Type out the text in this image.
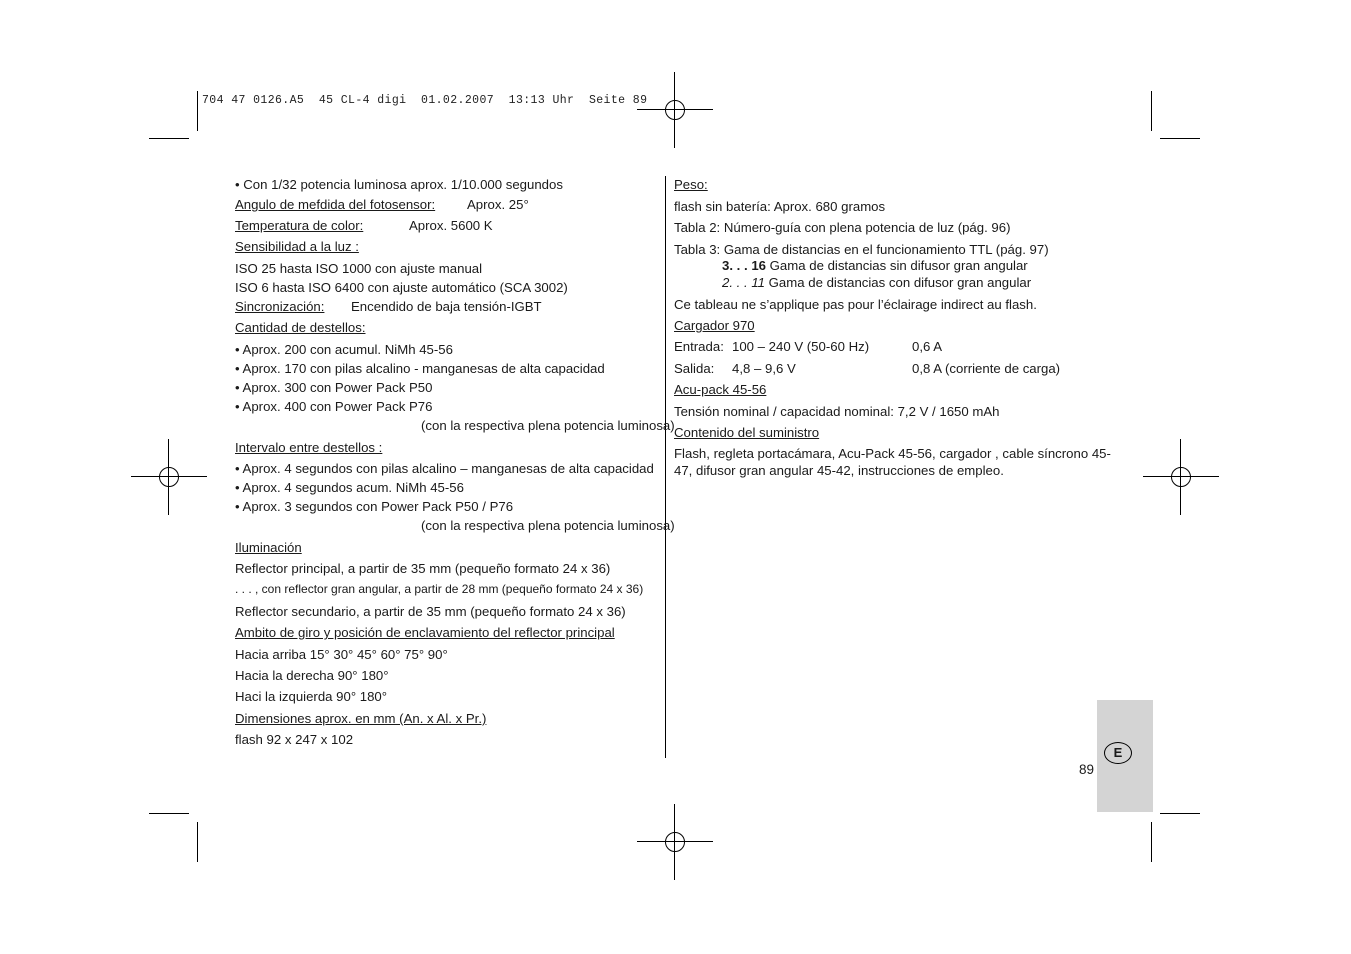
704 47 0126.A5  45 CL-4 digi  01.02.2007  13:13 Uhr  Seite 89

• Con 1/32 potencia luminosa aprox. 1/10.000 segundos

Angulo de mefdida del fotosensor: Aprox. 25°

Temperatura de color:	Aprox. 5600 K

Sensibilidad a la luz :

ISO 25 hasta ISO 1000 con ajuste manual

ISO 6 hasta ISO 6400 con ajuste automático (SCA 3002)

Sincronización: Encendido de baja tensión-IGBT

Cantidad de destellos:

• Aprox. 200 con acumul. NiMh 45-56

• Aprox. 170 con pilas alcalino - manganesas de alta capacidad

• Aprox. 300 con Power Pack P50

• Aprox. 400 con Power Pack P76

(con la respectiva plena potencia luminosa)

Intervalo entre destellos :

• Aprox. 4 segundos con pilas alcalino – manganesas de alta capacidad

• Aprox. 4 segundos acum. NiMh 45-56

• Aprox. 3 segundos con Power Pack P50 / P76

(con la respectiva plena potencia luminosa)

Iluminación

Reflector principal, a partir de 35 mm (pequeño formato 24 x 36)

. . . , con reflector gran angular, a partir de 28 mm (pequeño formato 24 x 36)

Reflector secundario, a partir de 35 mm (pequeño formato 24 x 36)

Ambito de giro y posición de enclavamiento del reflector principal

Hacia arriba 15° 30° 45° 60° 75° 90°

Hacia la derecha 90° 180°

Haci la izquierda 90° 180°

Dimensiones aprox. en mm (An. x Al. x Pr.)

flash 92 x 247 x 102

Peso:

flash sin batería: Aprox. 680 gramos

Tabla 2: Número-guía con plena potencia de luz (pág. 96)

Tabla 3: Gama de distancias en el funcionamiento TTL (pág. 97)

3. . . 16 Gama de distancias sin difusor gran angular

2. . . 11 Gama de distancias con difusor gran angular

Ce tableau ne s’applique pas pour l’éclairage indirect au flash.

Cargador 970

Entrada: 100 – 240 V (50-60 Hz)	0,6 A

Salida: 4,8 – 9,6 V	0,8 A (corriente de carga)

Acu-pack 45-56

Tensión nominal / capacidad nominal: 7,2 V / 1650 mAh

Contenido del suministro

Flash, regleta portacámara, Acu-Pack 45-56, cargador , cable síncrono 45-

47, difusor gran angular 45-42, instrucciones de empleo.

E
89
